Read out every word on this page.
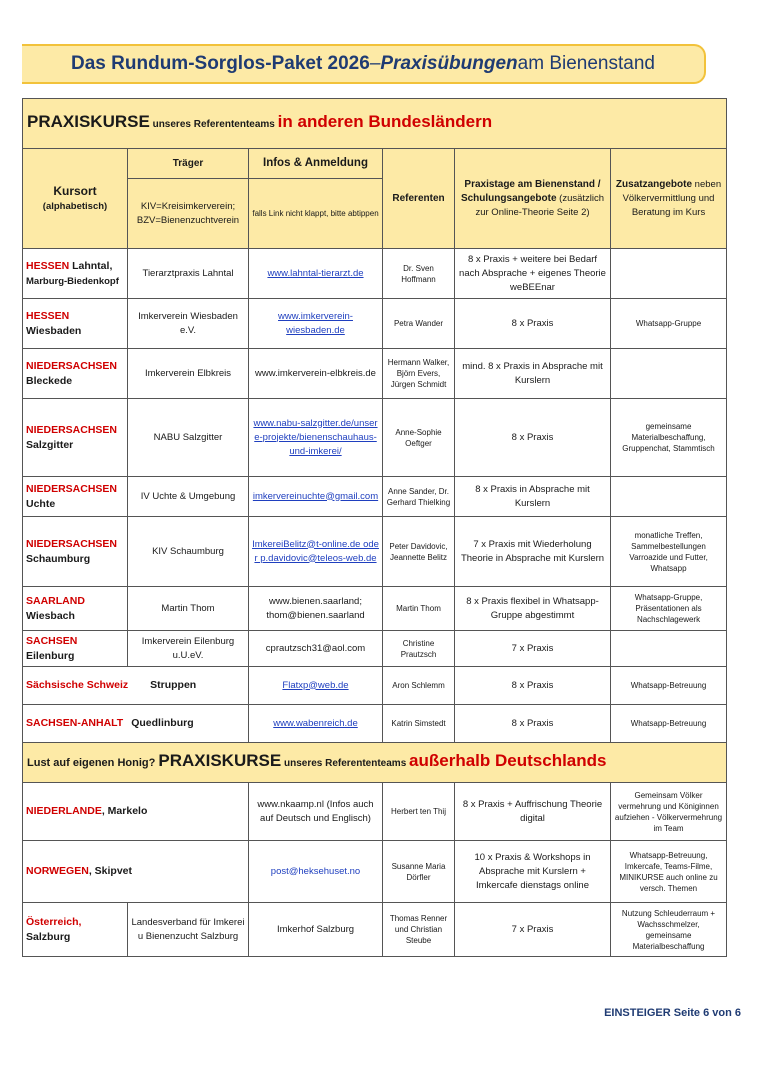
Das Rundum-Sorglos-Paket 2026 – Praxisübungen am Bienenstand
PRAXISKURSE unseres Referententeams in anderen Bundesländern					
Kursort
(alphabetisch)	Träger	Infos & Anmeldung	Referenten	Praxistage am Bienenstand / Schulungsangebote (zusätzlich zur Online-Theorie Seite 2)	Zusatzangebote neben Völkervermittlung und Beratung im Kurs
	KIV=Kreisimkerverein; BZV=Bienenzuchtverein	falls Link nicht klappt, bitte abtippen			
HESSEN Lahntal,
Marburg-Biedenkopf	Tierarztpraxis Lahntal	www.lahntal-tierarzt.de	Dr. Sven Hoffmann	8 x Praxis + weitere bei Bedarf nach Absprache + eigenes Theorie weBEEnar	
HESSEN
Wiesbaden	Imkerverein Wiesbaden e.V.	www.imkerverein-wiesbaden.de	Petra Wander	8 x Praxis	Whatsapp-Gruppe
NIEDERSACHSEN
Bleckede	Imkerverein Elbkreis	www.imkerverein-elbkreis.de	Hermann Walker, Björn Evers, Jürgen Schmidt	mind. 8 x Praxis in Absprache mit Kurslern	
NIEDERSACHSEN
Salzgitter	NABU Salzgitter	www.nabu-salzgitter.de/unsere-projekte/bienenschauhaus-und-imkerei/	Anne-Sophie Oeftger	8 x Praxis	gemeinsame Materialbeschaffung, Gruppenchat, Stammtisch
NIEDERSACHSEN
Uchte	IV Uchte & Umgebung	imkervereinuchte@gmail.com	Anne Sander, Dr. Gerhard Thielking	8 x Praxis in Absprache mit Kurslern	
NIEDERSACHSEN
Schaumburg	KIV Schaumburg	ImkereiBelitz@t-online.de oder p.davidovic@teleos-web.de	Peter Davidovic, Jeannette Belitz	7 x Praxis mit Wiederholung Theorie in Absprache mit Kurslern	monatliche Treffen, Sammelbestellungen Varroazide und Futter, Whatsapp
SAARLAND
Wiesbach	Martin Thom	www.bienen.saarland; thom@bienen.saarland	Martin Thom	8 x Praxis flexibel in Whatsapp-Gruppe abgestimmt	Whatsapp-Gruppe, Präsentationen als Nachschlagewerk
SACHSEN
Eilenburg	Imkerverein Eilenburg u.U.eV.	cprautzsch31@aol.com	Christine Prautzsch	7 x Praxis	
Sächsische Schweiz Struppen		Flatxp@web.de	Aron Schlemm	8 x Praxis	Whatsapp-Betreuung
SACHSEN-ANHALT Quedlinburg		www.wabenreich.de	Katrin Simstedt	8 x Praxis	Whatsapp-Betreuung
Lust auf eigenen Honig? PRAXISKURSE unseres Referententeams außerhalb Deutschlands					
NIEDERLANDE, Markelo		www.nkaamp.nl (Infos auch auf Deutsch und Englisch)	Herbert ten Thij	8 x Praxis + Auffrischung Theorie digital	Gemeinsam Völker vermehrung und Königinnen aufziehen - Völkervermehrung im Team
NORWEGEN, Skipvet		post@heksehuset.no	Susanne Maria Dörfler	10 x Praxis & Workshops in Absprache mit Kurslern + Imkercafe dienstags online	Whatsapp-Betreuung, Imkercafe, Teams-Filme, MINIKURSE auch online zu versch. Themen
Österreich,
Salzburg	Landesverband für Imkerei u Bienenzucht Salzburg	Imkerhof Salzburg	Thomas Renner und Christian Steube	7 x Praxis	Nutzung Schleuderraum + Wachsschmelzer, gemeinsame Materialbeschaffung
EINSTEIGER Seite 6 von 6
